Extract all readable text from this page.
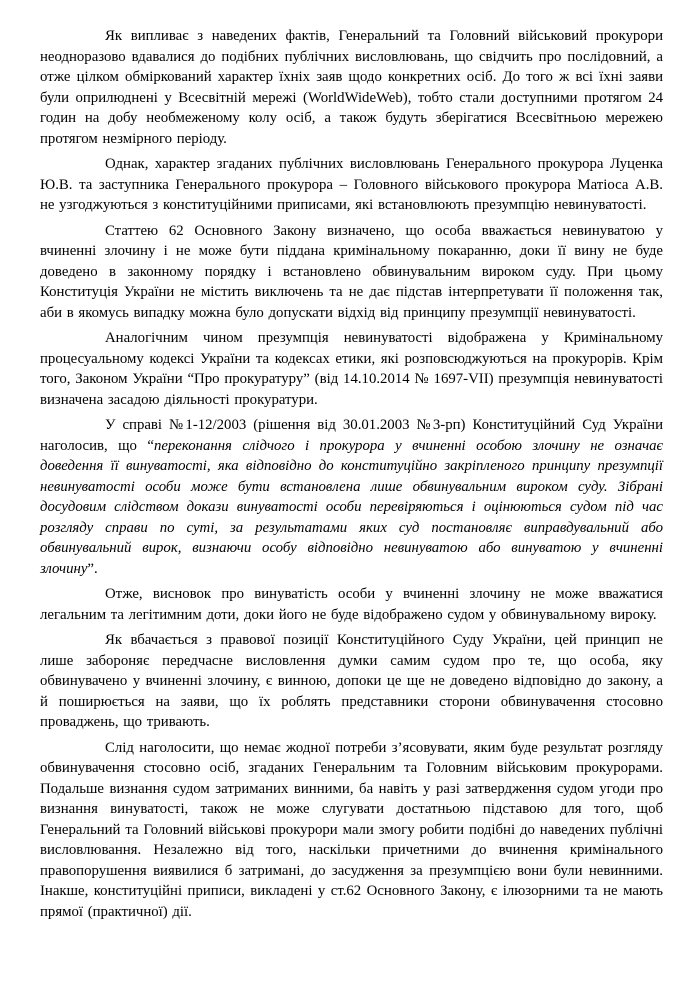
Як випливає з наведених фактів, Генеральний та Головний військовий прокурори неодноразово вдавалися до подібних публічних висловлювань, що свідчить про послідовний, а отже цілком обміркований характер їхніх заяв щодо конкретних осіб. До того ж всі їхні заяви були оприлюднені у Всесвітній мережі (WorldWideWeb), тобто стали доступними протягом 24 годин на добу необмеженому колу осіб, а також будуть зберігатися Всесвітньою мережею протягом незмірного періоду.

Однак, характер згаданих публічних висловлювань Генерального прокурора Луценка Ю.В. та заступника Генерального прокурора – Головного військового прокурора Матіоса А.В. не узгоджуються з конституційними приписами, які встановлюють презумпцію невинуватості.

Статтею 62 Основного Закону визначено, що особа вважається невинуватою у вчиненні злочину і не може бути піддана кримінальному покаранню, доки її вину не буде доведено в законному порядку і встановлено обвинувальним вироком суду. При цьому Конституція України не містить виключень та не дає підстав інтерпретувати її положення так, аби в якомусь випадку можна було допускати відхід від принципу презумпції невинуватості.

Аналогічним чином презумпція невинуватості відображена у Кримінальному процесуальному кодексі України та кодексах етики, які розповсюджуються на прокурорів. Крім того, Законом України “Про прокуратуру” (від 14.10.2014 № 1697-VII) презумпція невинуватості визначена засадою діяльності прокуратури.

У справі №1-12/2003 (рішення від 30.01.2003 №3-рп) Конституційний Суд України наголосив, що “переконання слідчого і прокурора у вчиненні особою злочину не означає доведення її винуватості, яка відповідно до конституційно закріпленого принципу презумпції невинуватості особи може бути встановлена лише обвинувальним вироком суду. Зібрані досудовим слідством докази винуватості особи перевіряються і оцінюються судом під час розгляду справи по суті, за результатами яких суд постановляє виправдувальний або обвинувальний вирок, визнаючи особу відповідно невинуватою або винуватою у вчиненні злочину”.

Отже, висновок про винуватість особи у вчиненні злочину не може вважатися легальним та легітимним доти, доки його не буде відображено судом у обвинувальному вироку.

Як вбачається з правової позиції Конституційного Суду України, цей принцип не лише забороняє передчасне висловлення думки самим судом про те, що особа, яку обвинувачено у вчиненні злочину, є винною, допоки це ще не доведено відповідно до закону, а й поширюється на заяви, що їх роблять представники сторони обвинувачення стосовно проваджень, що тривають.

Слід наголосити, що немає жодної потреби з’ясовувати, яким буде результат розгляду обвинувачення стосовно осіб, згаданих Генеральним та Головним військовим прокурорами. Подальше визнання судом затриманих винними, ба навіть у разі затвердження судом угоди про визнання винуватості, також не може слугувати достатньою підставою для того, щоб Генеральний та Головний військові прокурори мали змогу робити подібні до наведених публічні висловлювання. Незалежно від того, наскільки причетними до вчинення кримінального правопорушення виявилися б затримані, до засудження за презумпцією вони були невинними. Інакше, конституційні приписи, викладені у ст.62 Основного Закону, є ілюзорними та не мають прямої (практичної) дії.
